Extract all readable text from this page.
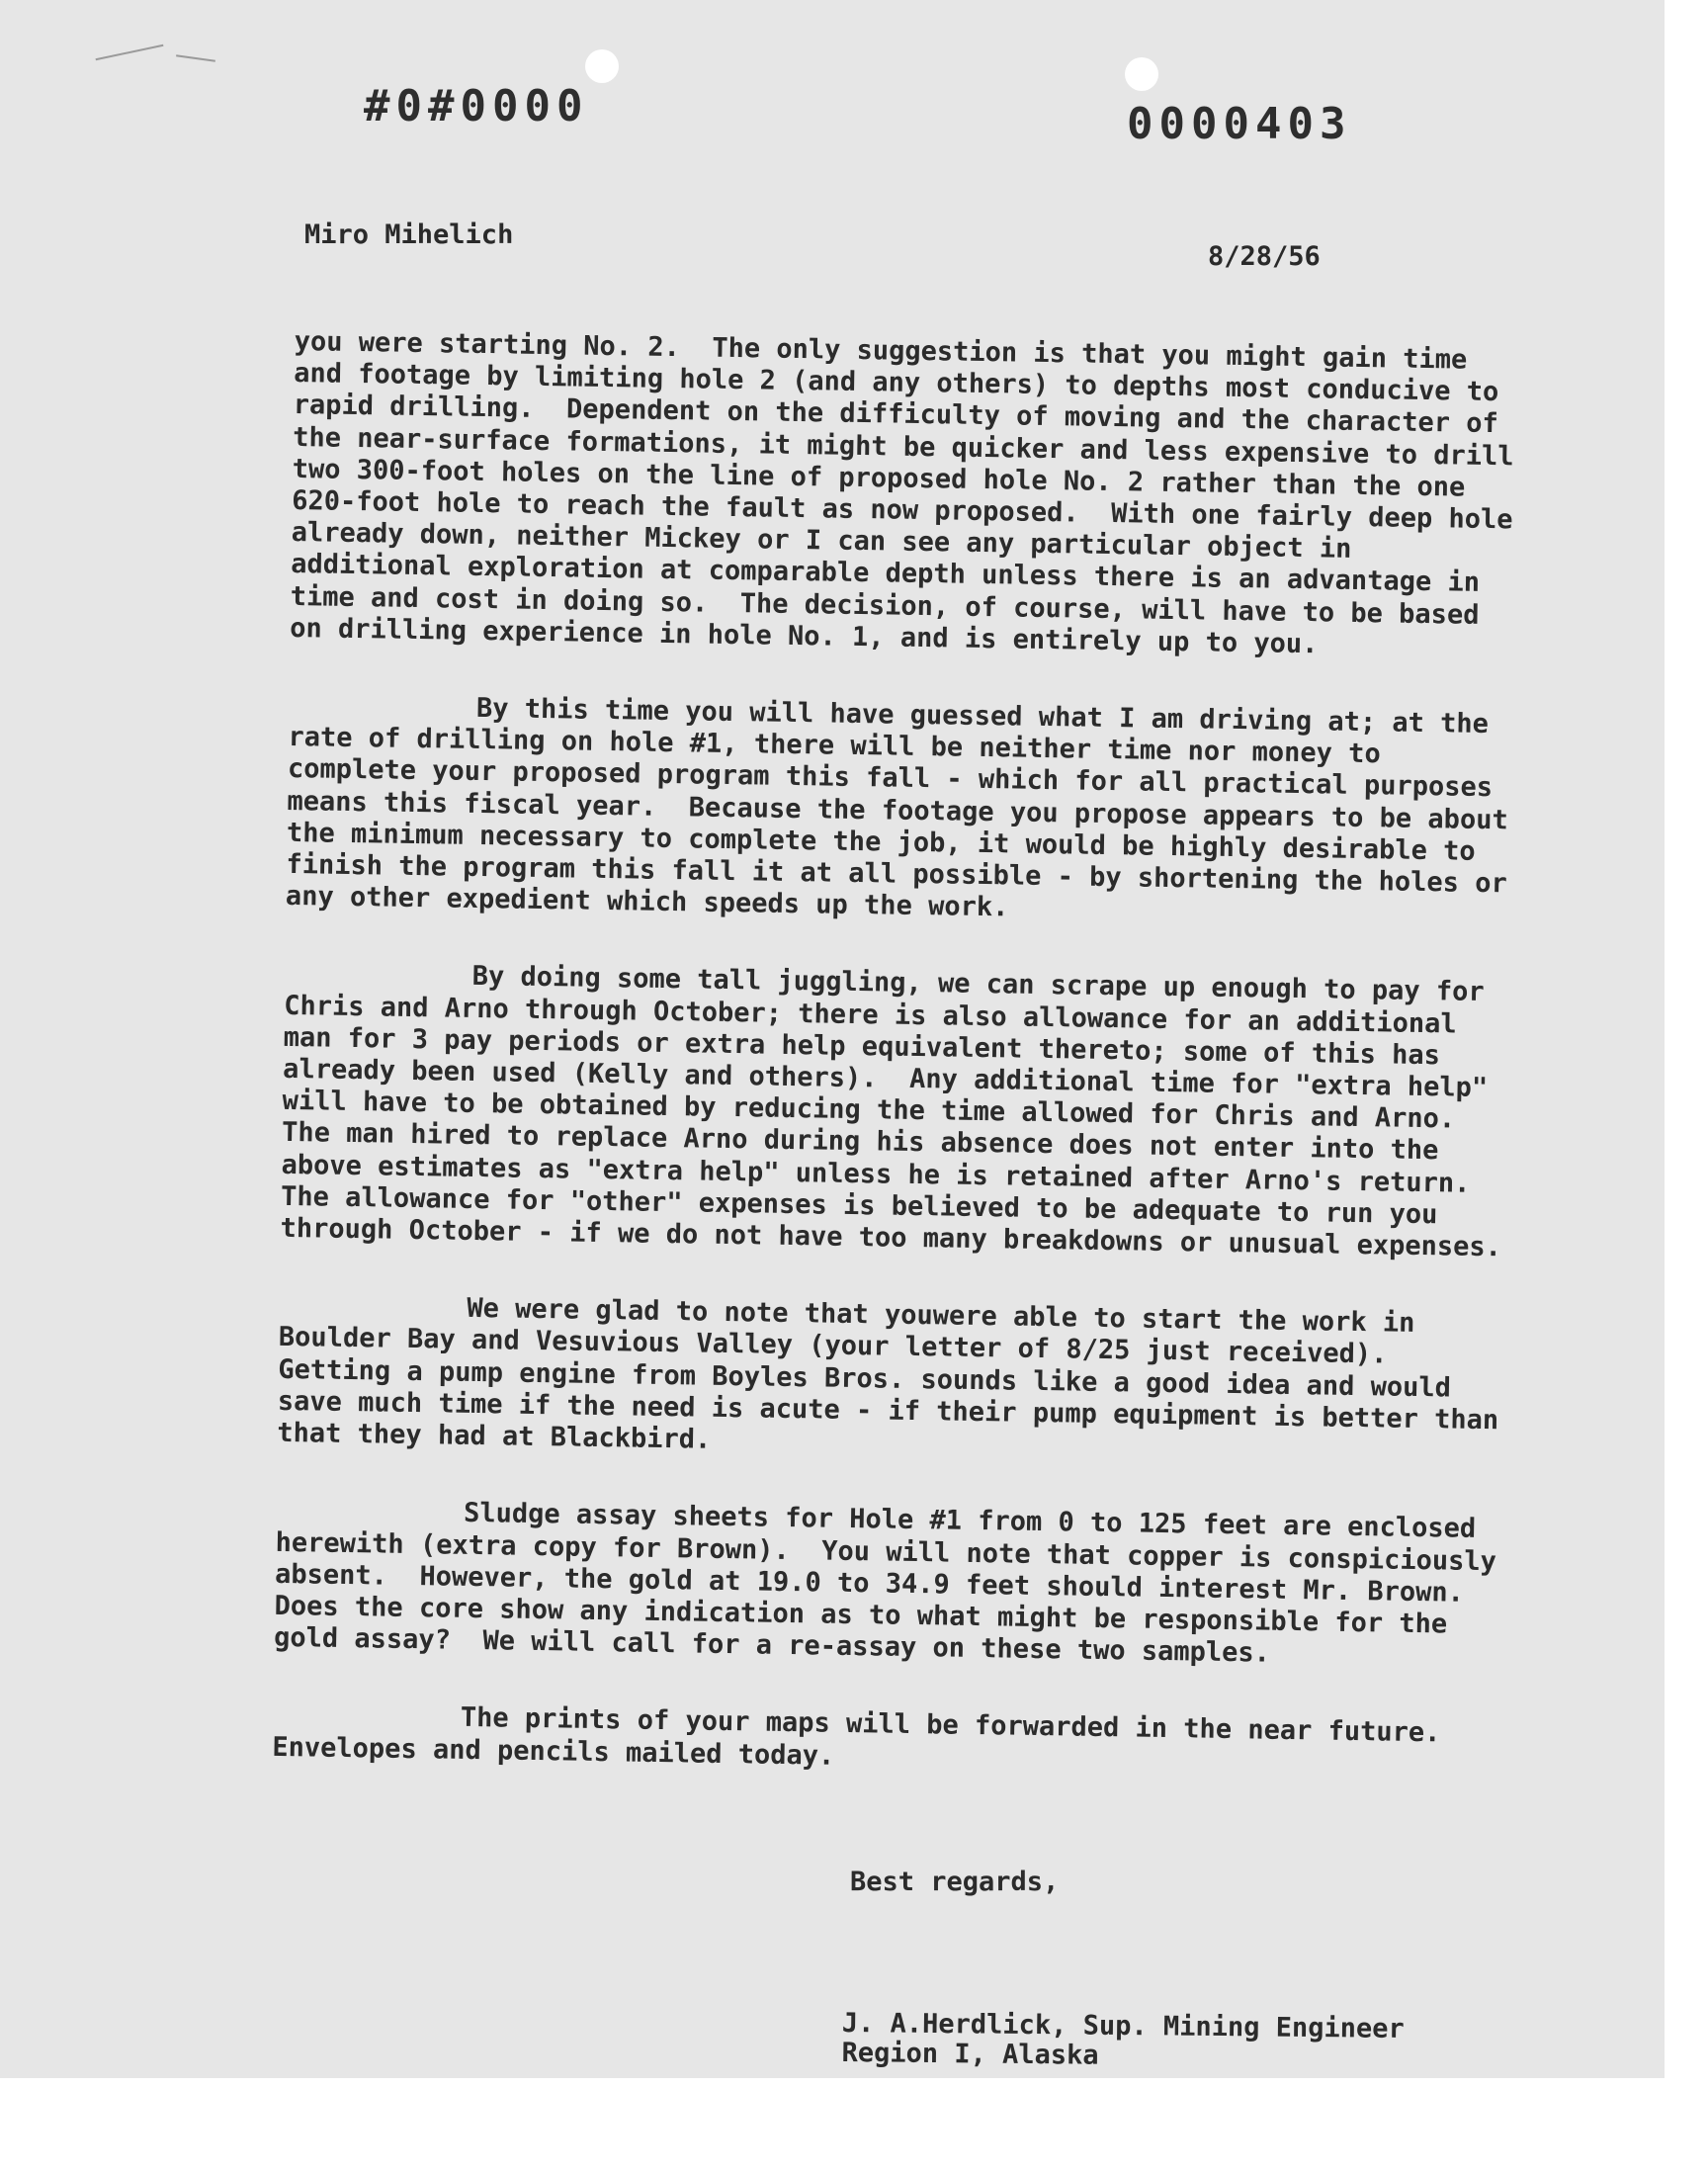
#0#0000	0000403
Miro Mihelich
8/28/56

you were starting No. 2.  The only suggestion is that you might gain time and footage by limiting hole 2 (and any others) to depths most conducive to rapid drilling.  Dependent on the difficulty of moving and the character of the near-surface formations, it might be quicker and less expensive to drill two 300-foot holes on the line of proposed hole No. 2 rather than the one 620-foot hole to reach the fault as now proposed.  With one fairly deep hole already down, neither Mickey or I can see any particular object in additional exploration at comparable depth unless there is an advantage in time and cost in doing so.  The decision, of course, will have to be based on drilling experience in hole No. 1, and is entirely up to you.

By this time you will have guessed what I am driving at; at the rate of drilling on hole #1, there will be neither time nor money to complete your proposed program this fall - which for all practical purposes means this fiscal year.  Because the footage you propose appears to be about the minimum necessary to complete the job, it would be highly desirable to finish the program this fall it at all possible - by shortening the holes or any other expedient which speeds up the work.

By doing some tall juggling, we can scrape up enough to pay for Chris and Arno through October; there is also allowance for an additional man for 3 pay periods or extra help equivalent thereto; some of this has already been used (Kelly and others).  Any additional time for "extra help" will have to be obtained by reducing the time allowed for Chris and Arno.  The man hired to replace Arno during his absence does not enter into the above estimates as "extra help" unless he is retained after Arno's return.  The allowance for "other" expenses is believed to be adequate to run you through October - if we do not have too many breakdowns or unusual expenses.

We were glad to note that youwere able to start the work in Boulder Bay and Vesuvious Valley (your letter of 8/25 just received). Getting a pump engine from Boyles Bros. sounds like a good idea and would save much time if the need is acute - if their pump equipment is better than that they had at Blackbird.

Sludge assay sheets for Hole #1 from 0 to 125 feet are enclosed herewith (extra copy for Brown).  You will note that copper is conspiciously absent.  However, the gold at 19.0 to 34.9 feet should interest Mr. Brown.  Does the core show any indication as to what might be responsible for the gold assay?  We will call for a re-assay on these two samples.

The prints of your maps will be forwarded in the near future.  Envelopes and pencils mailed today.

Best regards,
J. A.Herdlick, Sup. Mining Engineer
Region I, Alaska
